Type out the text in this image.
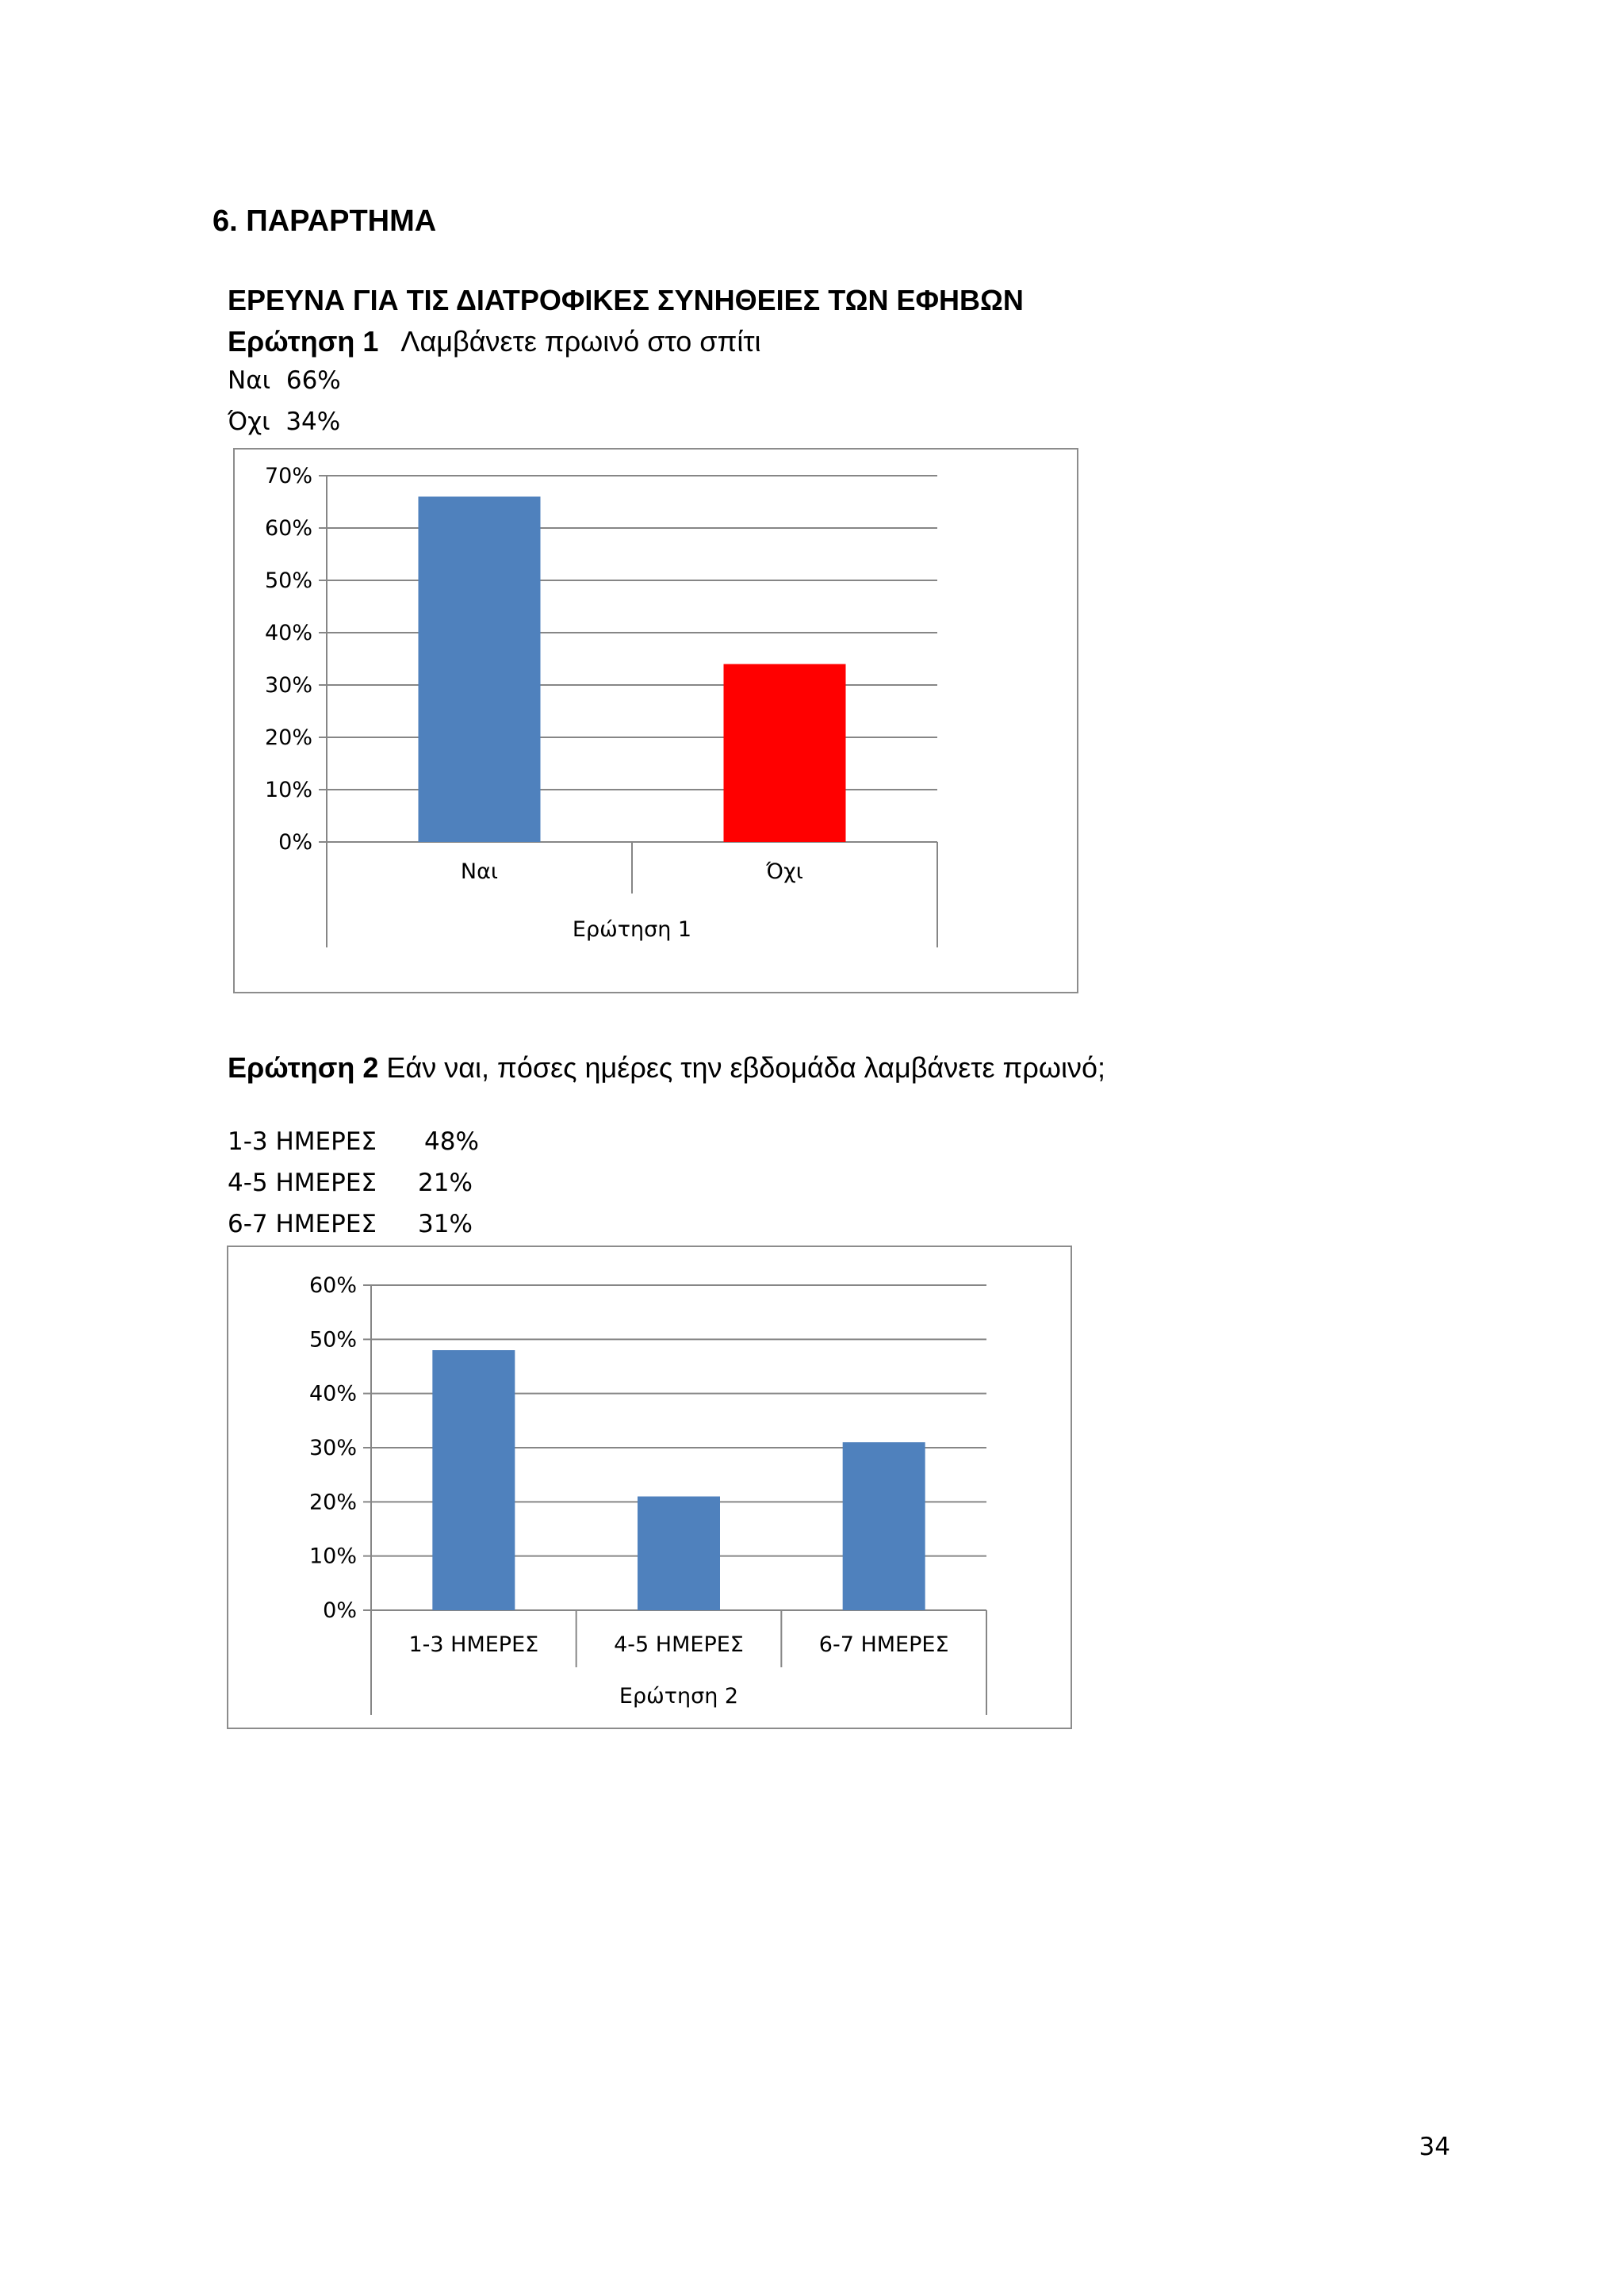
6. ΠΑΡΑΡΤΗΜΑ
ΕΡΕΥΝΑ ΓΙΑ ΤΙΣ ΔΙΑΤΡΟΦΙΚΕΣ ΣΥΝΗΘΕΙΕΣ ΤΩΝ ΕΦΗΒΩΝ
Ερώτηση 1 Λαμβάνετε πρωινό στο σπίτι
Ναι 66%
Όχι 34%
0%
10%
20%
30%
40%
50%
60%
70%
Ναι	Όχι
Ερώτηση 1
Ερώτηση 2 Εάν ναι, πόσες ημέρες την εβδομάδα λαμβάνετε πρωινό;
1-3 ΗΜΕΡΕΣ 48%
4-5 ΗΜΕΡΕΣ 21%
6-7 ΗΜΕΡΕΣ 31%
0%
10%
20%
30%
40%
50%
60%
1-3 ΗΜΕΡΕΣ	4-5 ΗΜΕΡΕΣ	6-7 ΗΜΕΡΕΣ
Ερώτηση 2
34
